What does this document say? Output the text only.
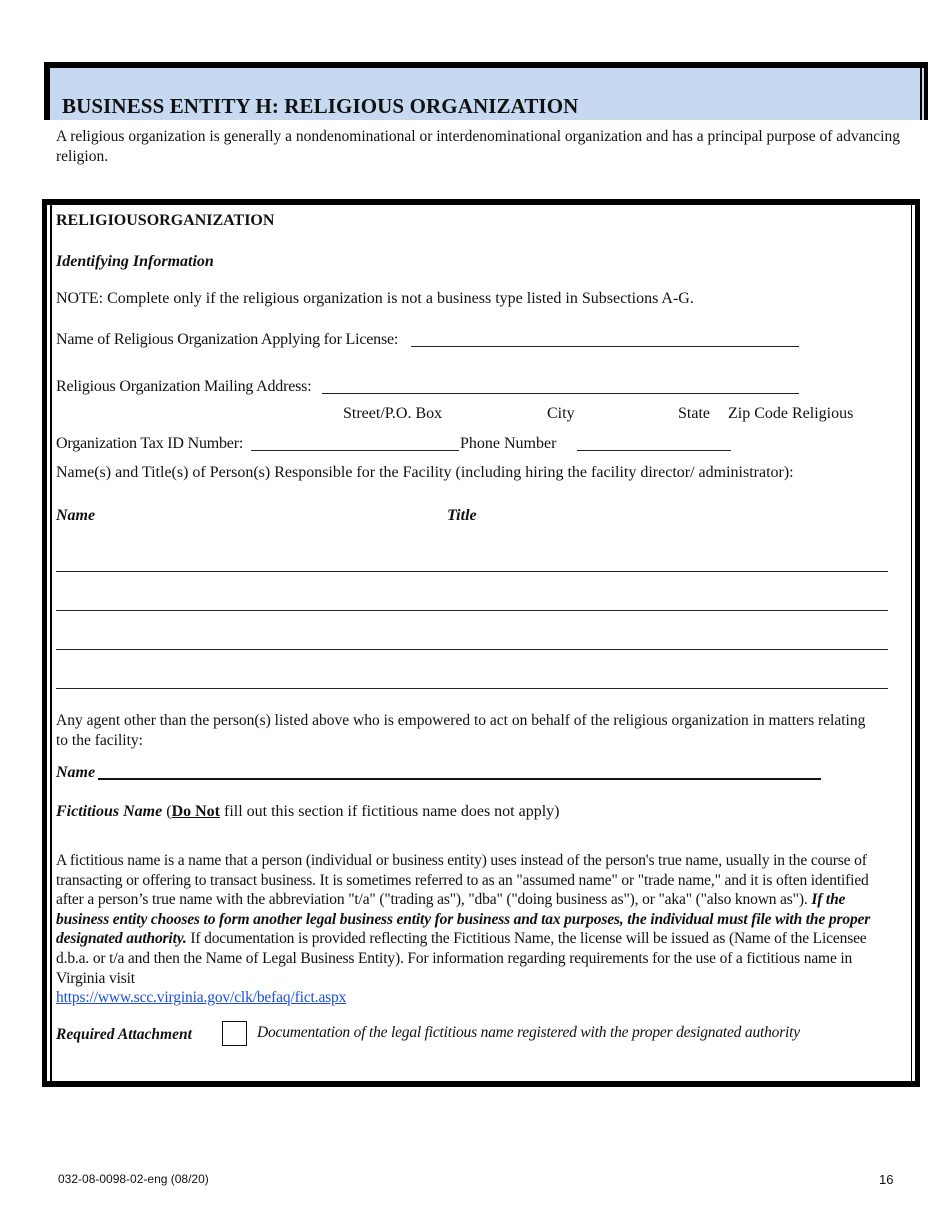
BUSINESS ENTITY H: RELIGIOUS ORGANIZATION
A religious organization is generally a nondenominational or interdenominational organization and has a principal purpose of advancing religion.
RELIGIOUSORGANIZATION
Identifying Information
NOTE: Complete only if the religious organization is not a business type listed in Subsections A-G.
Name of Religious Organization Applying for License:
Religious Organization Mailing Address:
Street/P.O. Box	City	State Zip Code Religious
Organization Tax ID Number:	Phone Number
Name(s) and Title(s) of Person(s) Responsible for the Facility (including hiring the facility director/ administrator):
Name	Title
Any agent other than the person(s) listed above who is empowered to act on behalf of the religious organization in matters relating to the facility:
Name
Fictitious Name (Do Not fill out this section if fictitious name does not apply)
A fictitious name is a name that a person (individual or business entity) uses instead of the person's true name, usually in the course of transacting or offering to transact business. It is sometimes referred to as an "assumed name" or "trade name," and it is often identified after a person’s true name with the abbreviation "t/a" ("trading as"), "dba" ("doing business as"), or "aka" ("also known as"). If the business entity chooses to form another legal business entity for business and tax purposes, the individual must file with the proper designated authority. If documentation is provided reflecting the Fictitious Name, the license will be issued as (Name of the Licensee d.b.a. or t/a and then the Name of Legal Business Entity). For information regarding requirements for the use of a fictitious name in Virginia visit
https://www.scc.virginia.gov/clk/befaq/fict.aspx
Required Attachment	Documentation of the legal fictitious name registered with the proper designated authority
032-08-0098-02-eng (08/20)	16
